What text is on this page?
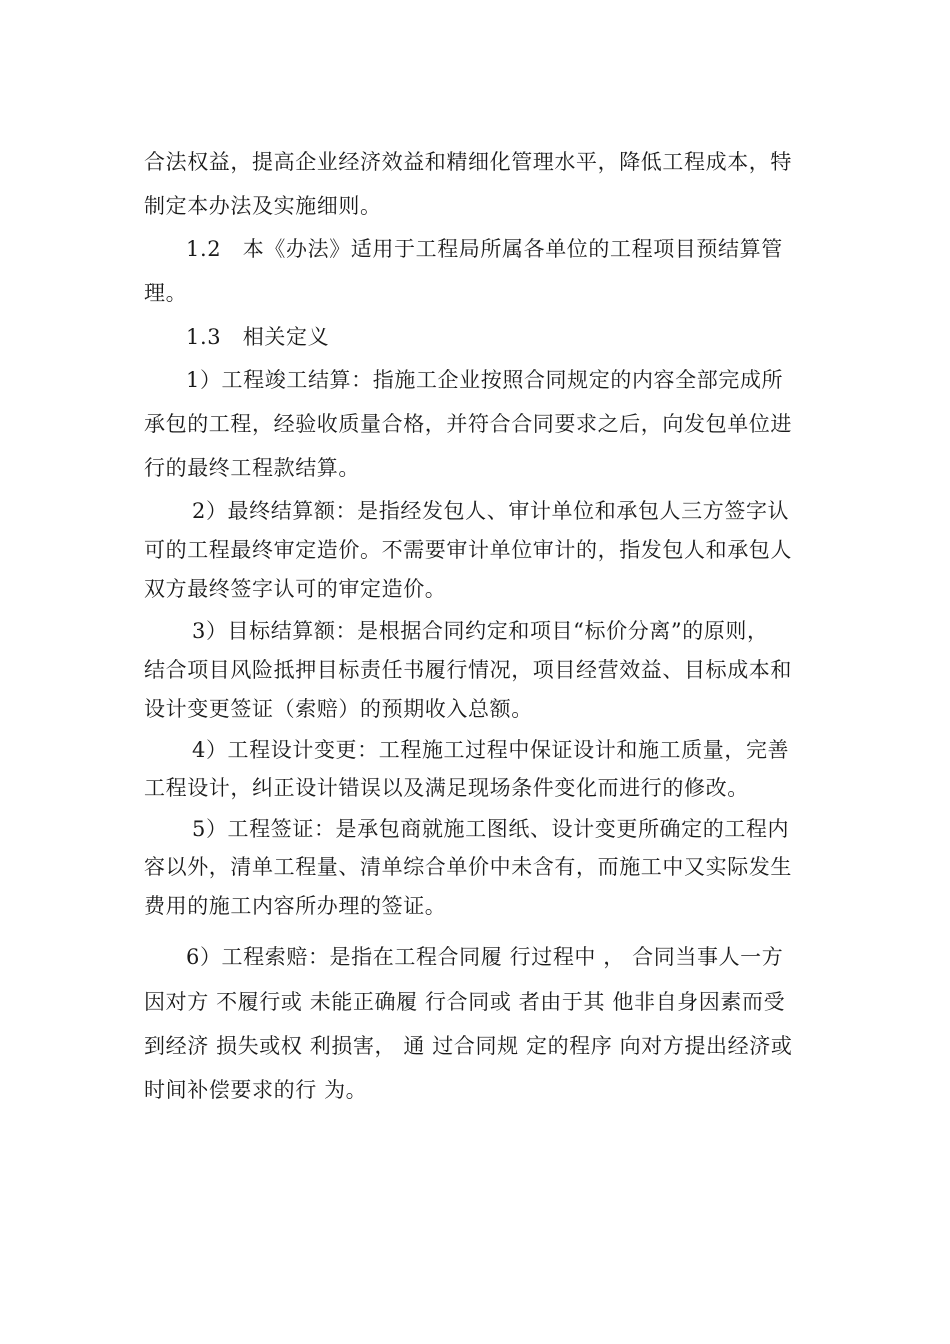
合法权益，提高企业经济效益和精细化管理水平，降低工程成本，特
制定本办法及实施细则。
1.2　本《办法》适用于工程局所属各单位的工程项目预结算管
理。
1.3　相关定义
1）工程竣工结算：指施工企业按照合同规定的内容全部完成所
承包的工程，经验收质量合格，并符合合同要求之后，向发包单位进
行的最终工程款结算。
2）最终结算额：是指经发包人、审计单位和承包人三方签字认
可的工程最终审定造价。不需要审计单位审计的，指发包人和承包人
双方最终签字认可的审定造价。
3）目标结算额：是根据合同约定和项目“标价分离”的原则，
结合项目风险抵押目标责任书履行情况，项目经营效益、目标成本和
设计变更签证（索赔）的预期收入总额。
4）工程设计变更：工程施工过程中保证设计和施工质量，完善
工程设计，纠正设计错误以及满足现场条件变化而进行的修改。
5）工程签证：是承包商就施工图纸、设计变更所确定的工程内
容以外，清单工程量、清单综合单价中未含有，而施工中又实际发生
费用的施工内容所办理的签证。
6）工程索赔：是指在工程合同履 行过程中 ， 合同当事人一方
因对方 不履行或 未能正确履 行合同或 者由于其 他非自身因素而受
到经济 损失或权 利损害， 通 过合同规 定的程序 向对方提出经济或
时间补偿要求的行 为。
